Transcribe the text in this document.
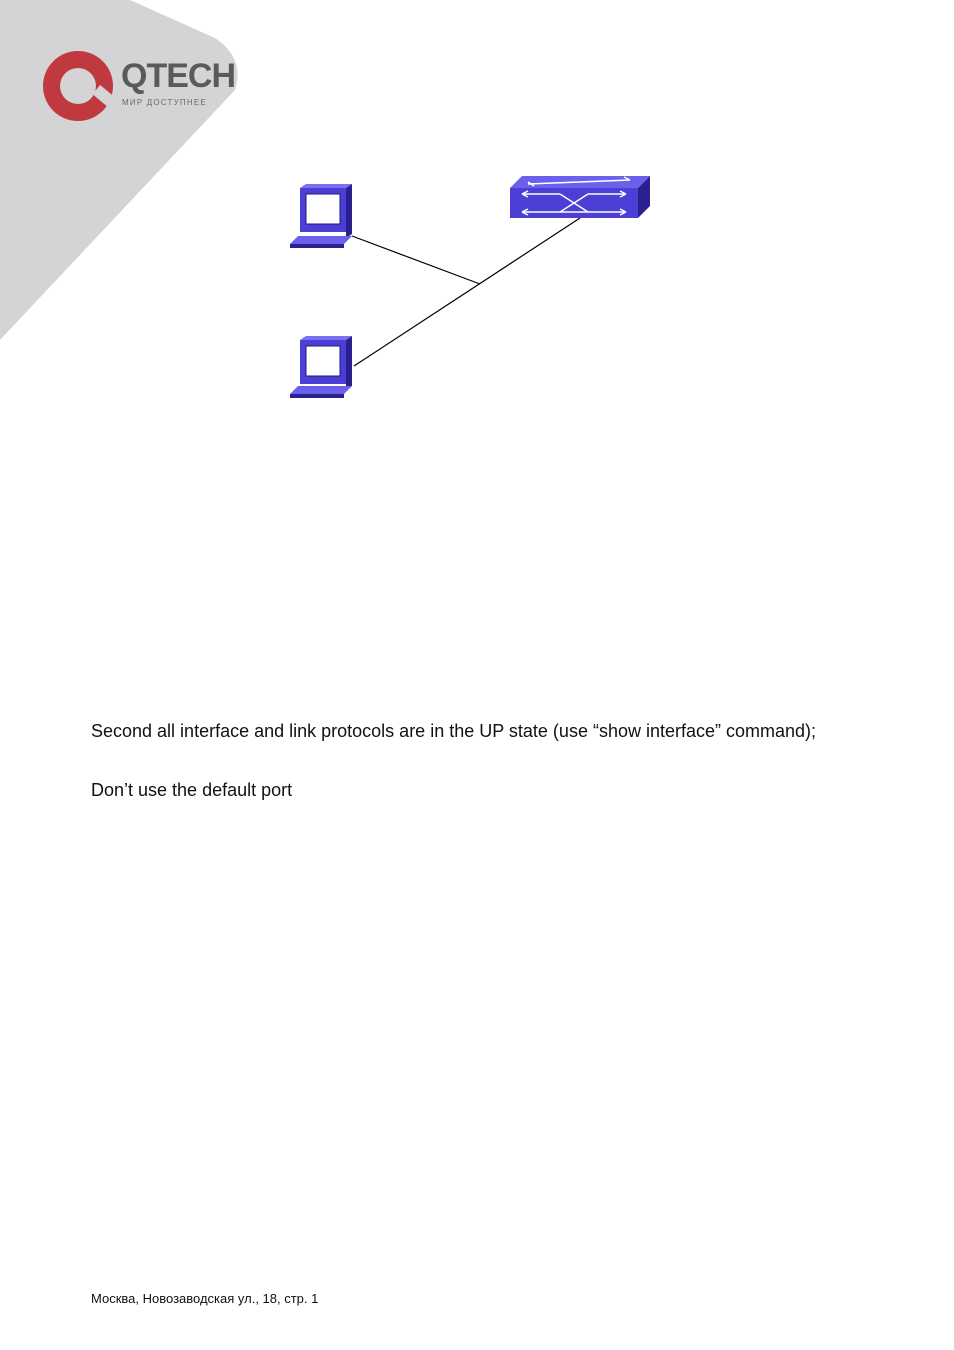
QTECH
МИР ДОСТУПНЕЕ
Second all interface and link protocols are in the UP state (use “show interface” command);
Don’t use the default port
Москва, Новозаводская ул., 18, стр. 1
